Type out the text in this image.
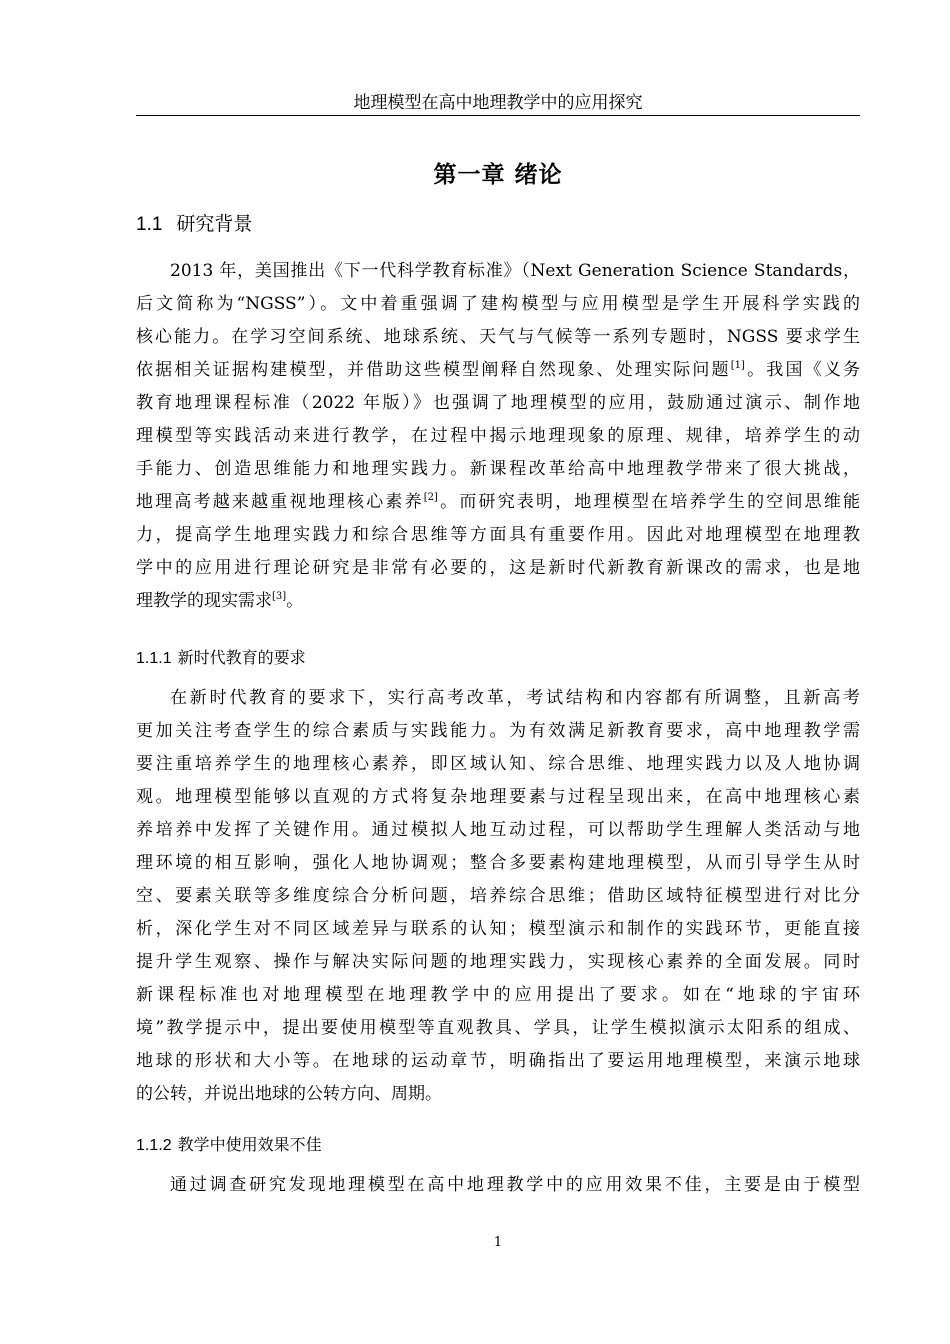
地理模型在高中地理教学中的应用探究
第一章 绪论
1.1 研究背景
2013 年，美国推出《下一代科学教育标准》（Next Generation Science Standards，
后文简称为“NGSS”）。文中着重强调了建构模型与应用模型是学生开展科学实践的
核心能力。在学习空间系统、地球系统、天气与气候等一系列专题时，NGSS 要求学生
依据相关证据构建模型，并借助这些模型阐释自然现象、处理实际问题[1]。我国《义务
教育地理课程标准（2022 年版）》也强调了地理模型的应用，鼓励通过演示、制作地
理模型等实践活动来进行教学，在过程中揭示地理现象的原理、规律，培养学生的动
手能力、创造思维能力和地理实践力。新课程改革给高中地理教学带来了很大挑战，
地理高考越来越重视地理核心素养[2]。而研究表明，地理模型在培养学生的空间思维能
力，提高学生地理实践力和综合思维等方面具有重要作用。因此对地理模型在地理教
学中的应用进行理论研究是非常有必要的，这是新时代新教育新课改的需求，也是地
理教学的现实需求[3]。
1.1.1 新时代教育的要求
在新时代教育的要求下，实行高考改革，考试结构和内容都有所调整，且新高考
更加关注考查学生的综合素质与实践能力。为有效满足新教育要求，高中地理教学需
要注重培养学生的地理核心素养，即区域认知、综合思维、地理实践力以及人地协调
观。地理模型能够以直观的方式将复杂地理要素与过程呈现出来，在高中地理核心素
养培养中发挥了关键作用。通过模拟人地互动过程，可以帮助学生理解人类活动与地
理环境的相互影响，强化人地协调观；整合多要素构建地理模型，从而引导学生从时
空、要素关联等多维度综合分析问题，培养综合思维；借助区域特征模型进行对比分
析，深化学生对不同区域差异与联系的认知；模型演示和制作的实践环节，更能直接
提升学生观察、操作与解决实际问题的地理实践力，实现核心素养的全面发展。同时
新课程标准也对地理模型在地理教学中的应用提出了要求。如在“地球的宇宙环
境”教学提示中，提出要使用模型等直观教具、学具，让学生模拟演示太阳系的组成、
地球的形状和大小等。在地球的运动章节，明确指出了要运用地理模型，来演示地球
的公转，并说出地球的公转方向、周期。
1.1.2 教学中使用效果不佳
通过调查研究发现地理模型在高中地理教学中的应用效果不佳，主要是由于模型
1
